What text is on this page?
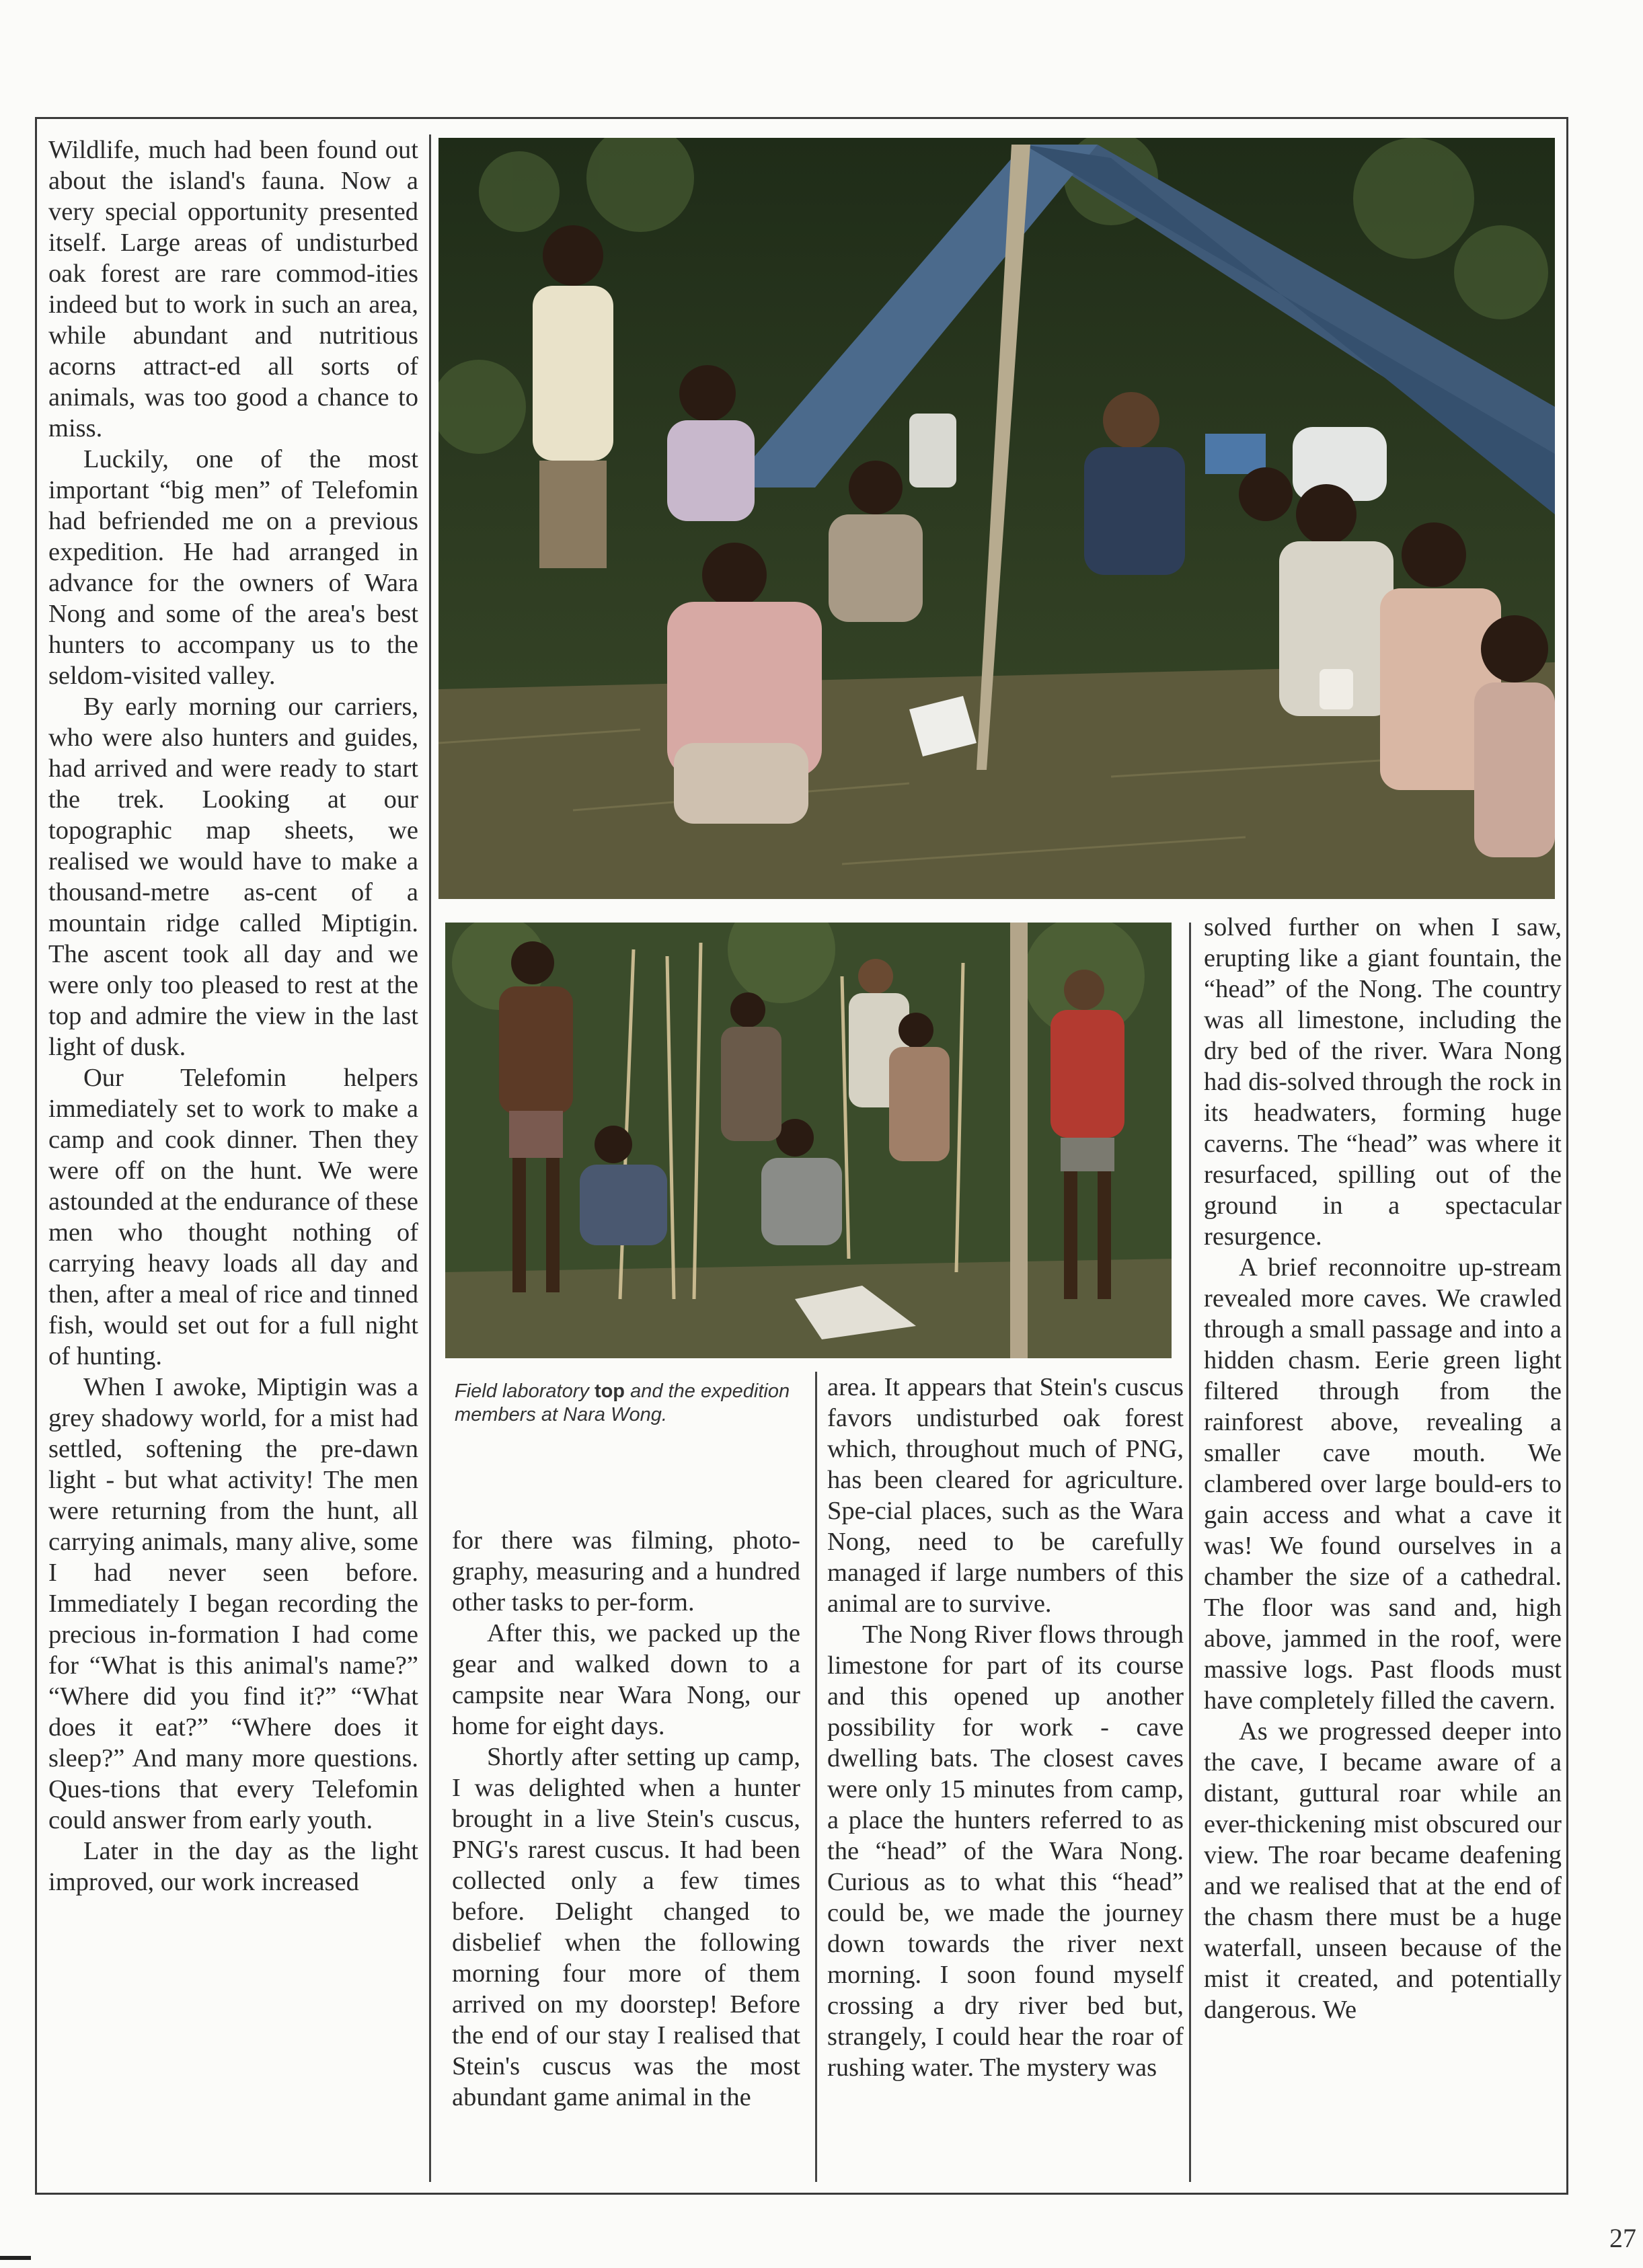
Wildlife, much had been found out about the island's fauna. Now a very special opportunity presented itself. Large areas of undisturbed oak forest are rare commod-ities indeed but to work in such an area, while abundant and nutritious acorns attract-ed all sorts of animals, was too good a chance to miss.

Luckily, one of the most important “big men” of Telefomin had befriended me on a previous expedition. He had arranged in advance for the owners of Wara Nong and some of the area's best hunters to accompany us to the seldom-visited valley.

By early morning our carriers, who were also hunters and guides, had arrived and were ready to start the trek. Looking at our topographic map sheets, we realised we would have to make a thousand-metre as-cent of a mountain ridge called Miptigin. The ascent took all day and we were only too pleased to rest at the top and admire the view in the last light of dusk.

Our Telefomin helpers immediately set to work to make a camp and cook dinner. Then they were off on the hunt. We were astounded at the endurance of these men who thought nothing of carrying heavy loads all day and then, after a meal of rice and tinned fish, would set out for a full night of hunting.

When I awoke, Miptigin was a grey shadowy world, for a mist had settled, softening the pre-dawn light - but what activity! The men were returning from the hunt, all carrying animals, many alive, some I had never seen before. Immediately I began recording the precious in-formation I had come for “What is this animal's name?” “Where did you find it?” “What does it eat?” “Where does it sleep?” And many more questions. Ques-tions that every Telefomin could answer from early youth.

Later in the day as the light improved, our work increased

Field laboratory top and the expedition members at Nara Wong.

for there was filming, photo-graphy, measuring and a hundred other tasks to per-form.

After this, we packed up the gear and walked down to a campsite near Wara Nong, our home for eight days.

Shortly after setting up camp, I was delighted when a hunter brought in a live Stein's cuscus, PNG's rarest cuscus. It had been collected only a few times before. Delight changed to disbelief when the following morning four more of them arrived on my doorstep! Before the end of our stay I realised that Stein's cuscus was the most abundant game animal in the

area. It appears that Stein's cuscus favors undisturbed oak forest which, throughout much of PNG, has been cleared for agriculture. Spe-cial places, such as the Wara Nong, need to be carefully managed if large numbers of this animal are to survive.

The Nong River flows through limestone for part of its course and this opened up another possibility for work - cave dwelling bats. The closest caves were only 15 minutes from camp, a place the hunters referred to as the “head” of the Wara Nong. Curious as to what this “head” could be, we made the journey down towards the river next morning. I soon found myself crossing a dry river bed but, strangely, I could hear the roar of rushing water. The mystery was

solved further on when I saw, erupting like a giant fountain, the “head” of the Nong. The country was all limestone, including the dry bed of the river. Wara Nong had dis-solved through the rock in its headwaters, forming huge caverns. The “head” was where it resurfaced, spilling out of the ground in a spectacular resurgence.

A brief reconnoitre up-stream revealed more caves. We crawled through a small passage and into a hidden chasm. Eerie green light filtered through from the rainforest above, revealing a smaller cave mouth. We clambered over large bould-ers to gain access and what a cave it was! We found ourselves in a chamber the size of a cathedral. The floor was sand and, high above, jammed in the roof, were massive logs. Past floods must have completely filled the cavern.

As we progressed deeper into the cave, I became aware of a distant, guttural roar while an ever-thickening mist obscured our view. The roar became deafening and we realised that at the end of the chasm there must be a huge waterfall, unseen because of the mist it created, and potentially dangerous. We

27
